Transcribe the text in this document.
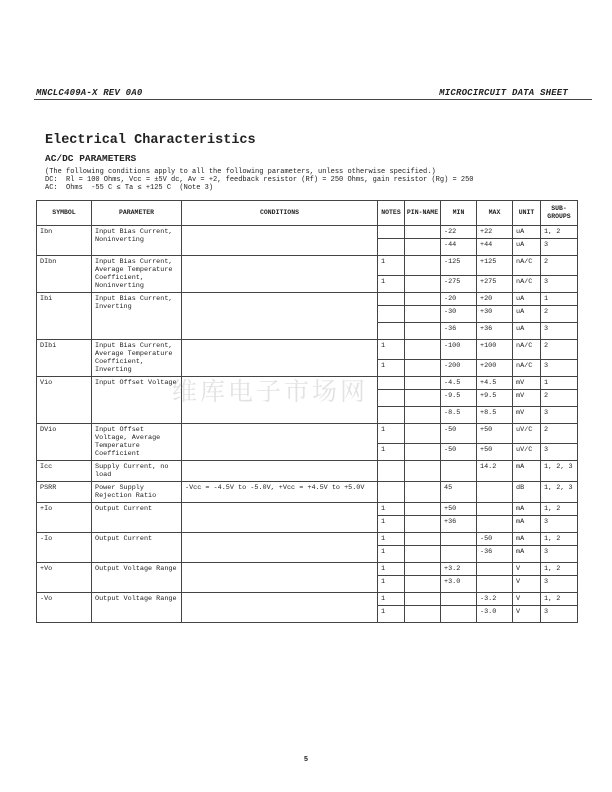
MNCLC409A-X REV 0A0	MICROCIRCUIT DATA SHEET
Electrical Characteristics
AC/DC PARAMETERS
(The following conditions apply to all the following parameters, unless otherwise specified.)
DC:  Rl = 100 Ohms, Vcc = ±5V dc, Av = +2, feedback resistor (Rf) = 250 Ohms, gain resistor (Rg) = 250
AC:  Ohms  -55 C ≤ Ta ≤ +125 C  (Note 3)
SYMBOL	PARAMETER	CONDITIONS	NOTES	PIN-NAME	MIN	MAX	UNIT	SUB-GROUPS
Ibn	Input Bias Current, Noninverting				-22	+22	uA	1, 2
					-44	+44	uA	3
DIbn	Input Bias Current, Average Temperature Coefficient, Noninverting		1		-125	+125	nA/C	2
			1		-275	+275	nA/C	3
Ibi	Input Bias Current, Inverting				-20	+20	uA	1
					-30	+30	uA	2
					-36	+36	uA	3
DIbi	Input Bias Current, Average Temperature Coefficient, Inverting		1		-100	+100	nA/C	2
			1		-200	+200	nA/C	3
Vio	Input Offset Voltage				-4.5	+4.5	mV	1
					-9.5	+9.5	mV	2
					-8.5	+8.5	mV	3
DVio	Input Offset Voltage, Average Temperature Coefficient		1		-50	+50	uV/C	2
			1		-50	+50	uV/C	3
Icc	Supply Current, no load					14.2	mA	1, 2, 3
PSRR	Power Supply Rejection Ratio	-Vcc = -4.5V to -5.0V, +Vcc = +4.5V to +5.0V			45		dB	1, 2, 3
+Io	Output Current		1		+50		mA	1, 2
			1		+36		mA	3
-Io	Output Current		1			-50	mA	1, 2
			1			-36	mA	3
+Vo	Output Voltage Range		1		+3.2		V	1, 2
			1		+3.0		V	3
-Vo	Output Voltage Range		1			-3.2	V	1, 2
			1			-3.0	V	3
维库电子市场网
5
